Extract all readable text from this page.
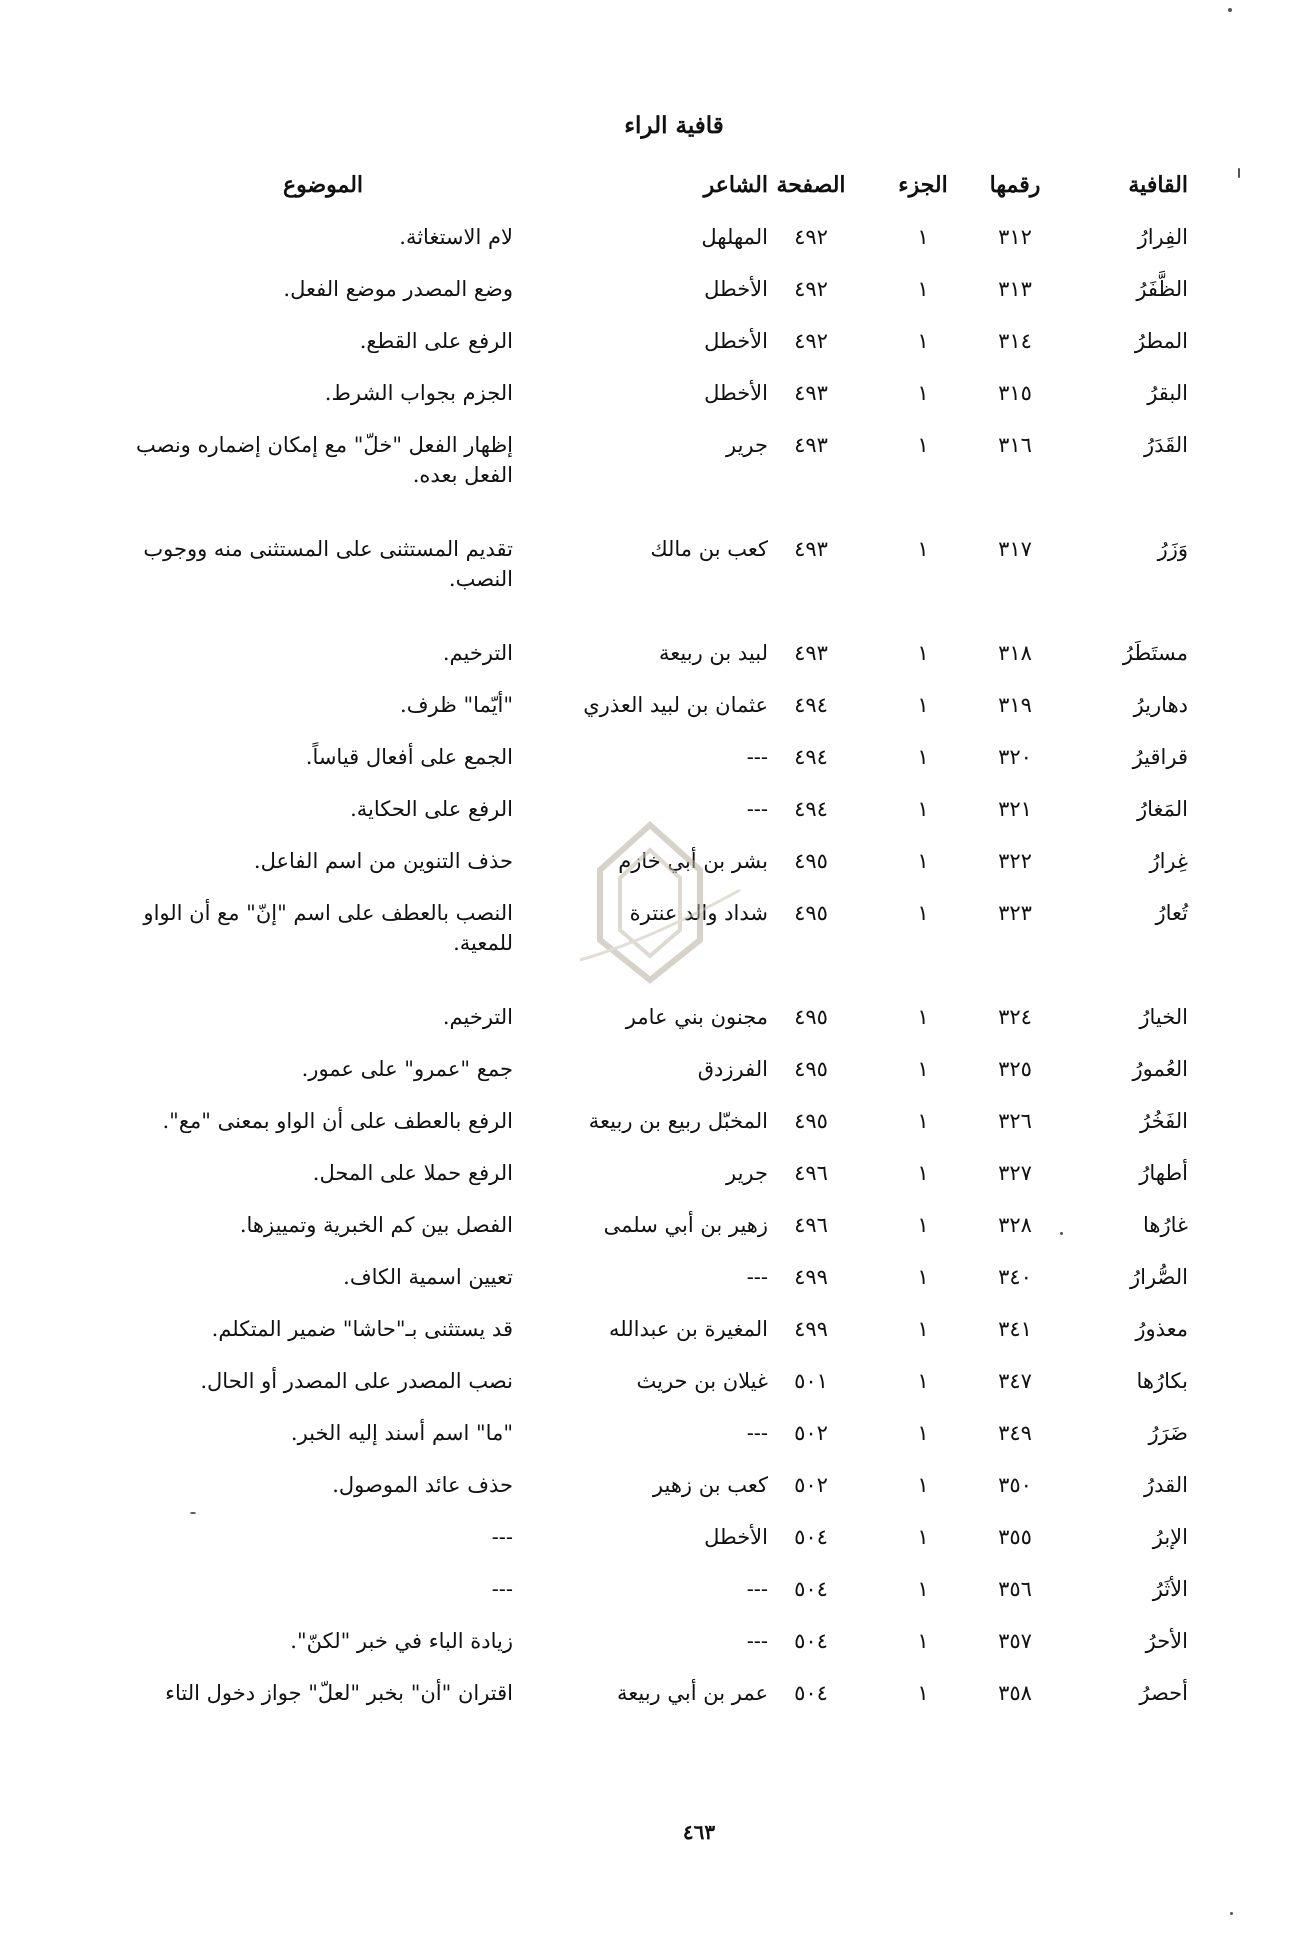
قافية الراء
القافية
رقمها
الجزء
الصفحة
الشاعر
الموضوع
الفِرارُ
٣١٢
١
٤٩٢
المهلهل
لام الاستغاثة.
الظَّفَرُ
٣١٣
١
٤٩٢
الأخطل
وضع المصدر موضع الفعل.
المطرُ
٣١٤
١
٤٩٢
الأخطل
الرفع على القطع.
البقرُ
٣١٥
١
٤٩٣
الأخطل
الجزم بجواب الشرط.
القَدَرُ
٣١٦
١
٤٩٣
جرير
إظهار الفعل "خلّ" مع إمكان إضماره ونصب الفعل بعده.
وَزَرُ
٣١٧
١
٤٩٣
كعب بن مالك
تقديم المستثنى على المستثنى منه ووجوب النصب.
مستَطَرُ
٣١٨
١
٤٩٣
لبيد بن ربيعة
الترخيم.
دهاريرُ
٣١٩
١
٤٩٤
عثمان بن لبيد العذري
"أيّما" ظرف.
قراقيرُ
٣٢٠
١
٤٩٤
---
الجمع على أفعال قياساً.
المَغارُ
٣٢١
١
٤٩٤
---
الرفع على الحكاية.
غِرارُ
٣٢٢
١
٤٩٥
بشر بن أبي خازم
حذف التنوين من اسم الفاعل.
تُعارُ
٣٢٣
١
٤٩٥
شداد والد عنترة
النصب بالعطف على اسم "إنّ" مع أن الواو للمعية.
الخيارُ
٣٢٤
١
٤٩٥
مجنون بني عامر
الترخيم.
العُمورُ
٣٢٥
١
٤٩٥
الفرزدق
جمع "عمرو" على عمور.
الفَخُرُ
٣٢٦
١
٤٩٥
المخبّل ربيع بن ربيعة
الرفع بالعطف على أن الواو بمعنى "مع".
أطهارُ
٣٢٧
١
٤٩٦
جرير
الرفع حملا على المحل.
غارُها
٣٢٨
١
٤٩٦
زهير بن أبي سلمى
الفصل بين كم الخبرية وتمييزها.
الصُّرارُ
٣٤٠
١
٤٩٩
---
تعيين اسمية الكاف.
معذورُ
٣٤١
١
٤٩٩
المغيرة بن عبدالله
قد يستثنى بـ"حاشا" ضمير المتكلم.
بكارُها
٣٤٧
١
٥٠١
غيلان بن حريث
نصب المصدر على المصدر أو الحال.
ضَرَرُ
٣٤٩
١
٥٠٢
---
"ما" اسم أسند إليه الخبر.
القدرُ
٣٥٠
١
٥٠٢
كعب بن زهير
حذف عائد الموصول.
الإبرُ
٣٥٥
١
٥٠٤
الأخطل
---
الأثَرُ
٣٥٦
١
٥٠٤
---
---
الأحرُ
٣٥٧
١
٥٠٤
---
زيادة الباء في خبر "لكنّ".
أحصرُ
٣٥٨
١
٥٠٤
عمر بن أبي ربيعة
اقتران "أن" بخبر "لعلّ" جواز دخول التاء
٤٦٣
